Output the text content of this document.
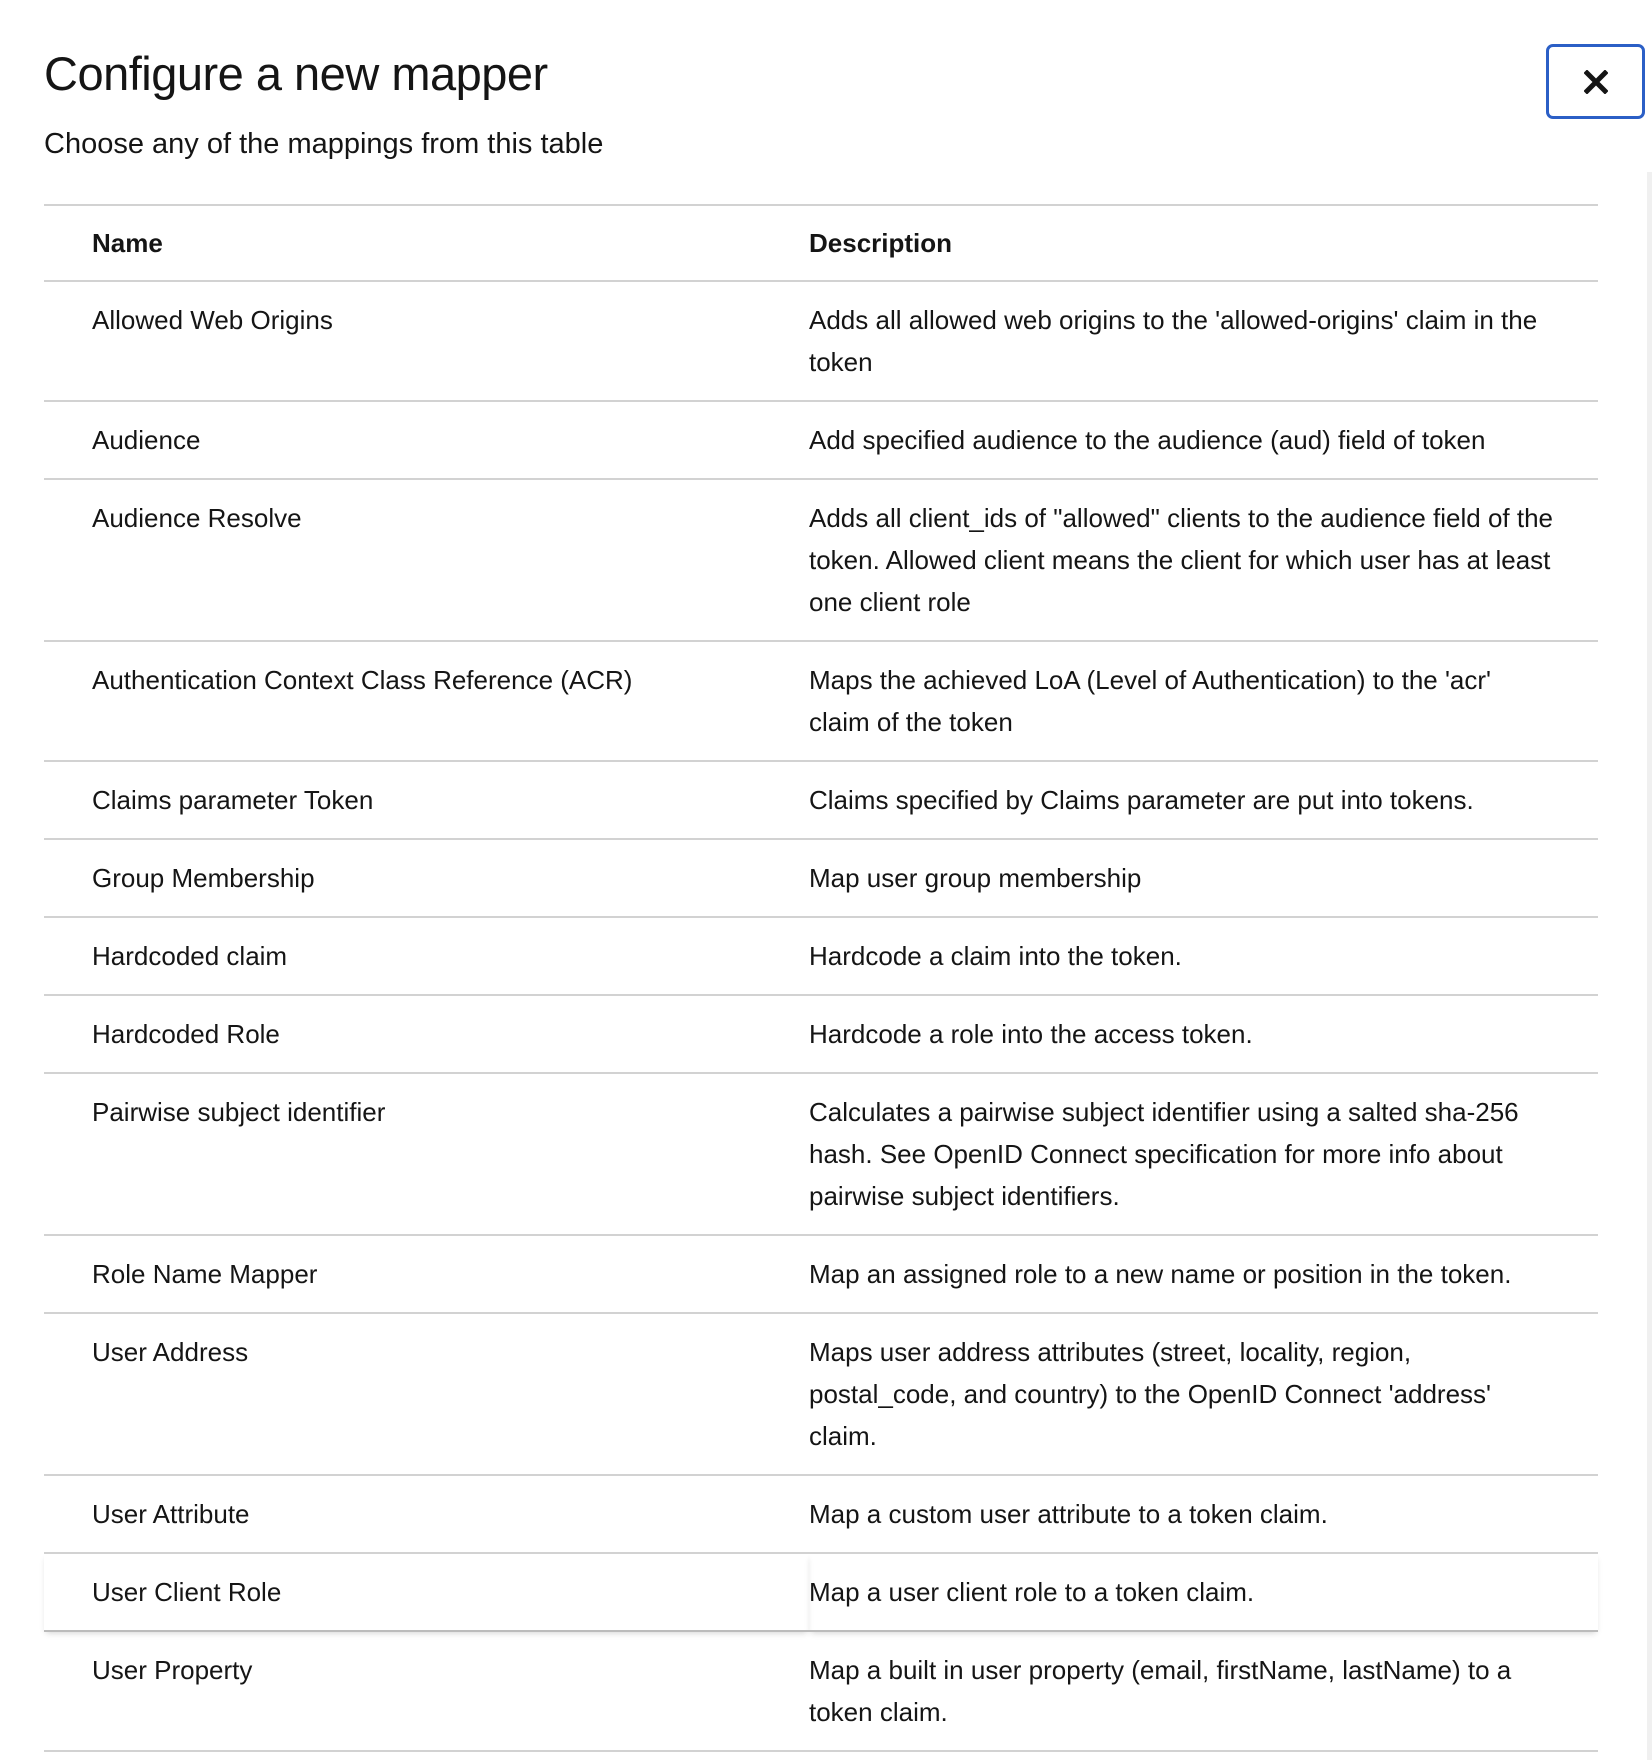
Configure a new mapper
Choose any of the mappings from this table
Name	Description
Allowed Web Origins	Adds all allowed web origins to the 'allowed-origins' claim in the token
Audience	Add specified audience to the audience (aud) field of token
Audience Resolve	Adds all client_ids of "allowed" clients to the audience field of the token. Allowed client means the client for which user has at least one client role
Authentication Context Class Reference (ACR)	Maps the achieved LoA (Level of Authentication) to the 'acr' claim of the token
Claims parameter Token	Claims specified by Claims parameter are put into tokens.
Group Membership	Map user group membership
Hardcoded claim	Hardcode a claim into the token.
Hardcoded Role	Hardcode a role into the access token.
Pairwise subject identifier	Calculates a pairwise subject identifier using a salted sha-256 hash. See OpenID Connect specification for more info about pairwise subject identifiers.
Role Name Mapper	Map an assigned role to a new name or position in the token.
User Address	Maps user address attributes (street, locality, region, postal_code, and country) to the OpenID Connect 'address' claim.
User Attribute	Map a custom user attribute to a token claim.
User Client Role	Map a user client role to a token claim.
User Property	Map a built in user property (email, firstName, lastName) to a token claim.
